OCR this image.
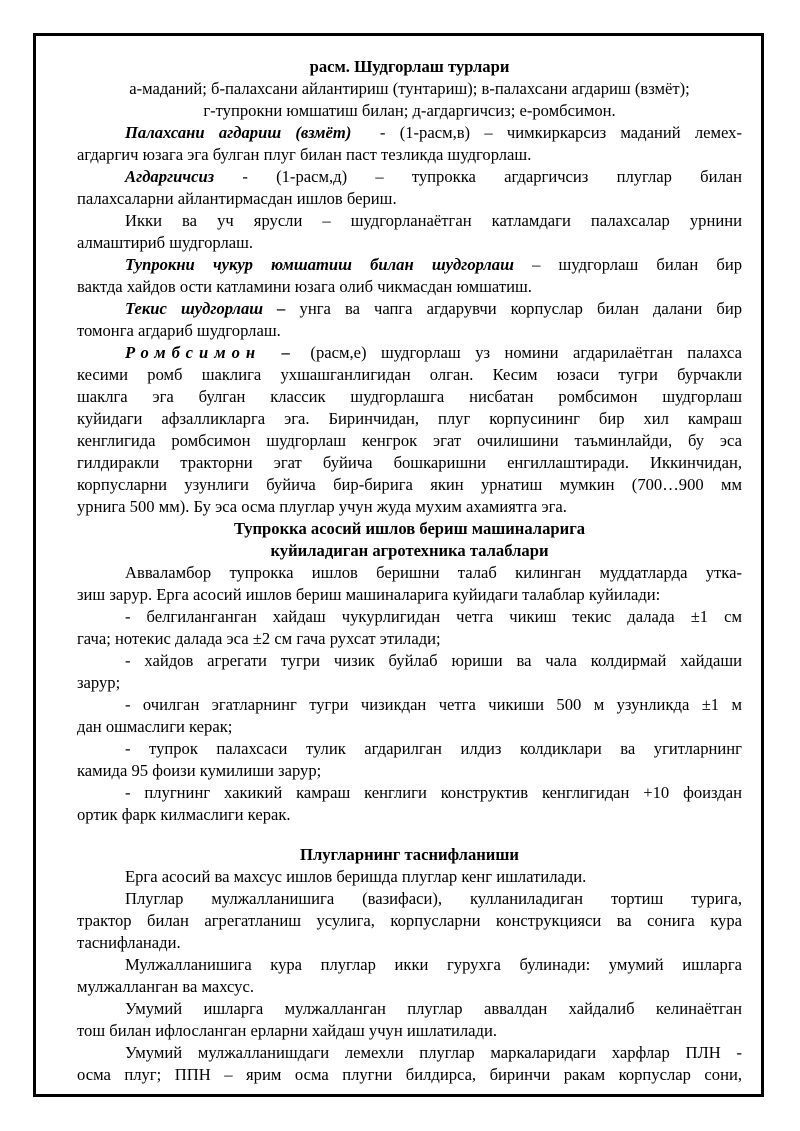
расм. Шудгорлаш турлари

а-маданий; б-палахсани айлантириш (тунтариш); в-палахсани агдариш (взмёт);

г-тупрокни юмшатиш билан; д-агдаргичсиз; е-ромбсимон.

Палахсани агдариш (взмёт) - (1-расм,в) – чимкиркарсиз маданий лемех-

агдаргич юзага эга булган плуг билан паст тезликда шудгорлаш.

Агдаргичсиз - (1-расм,д) – тупрокка агдаргичсиз плуглар билан

палахсаларни айлантирмасдан ишлов бериш.

Икки ва уч ярусли – шудгорланаётган катламдаги палахсалар урнини

алмаштириб шудгорлаш.

Тупрокни чукур юмшатиш билан шудгорлаш – шудгорлаш билан бир

вактда хайдов ости катламини юзага олиб чикмасдан юмшатиш.

Текис шудгорлаш – унга ва чапга агдарувчи корпуслар билан далани бир

томонга агдариб шудгорлаш.

Ромбсимон – (расм,е) шудгорлаш уз номини агдарилаётган палахса

кесими ромб шаклига ухшашганлигидан олган. Кесим юзаси тугри бурчакли

шаклга эга булган классик шудгорлашга нисбатан ромбсимон шудгорлаш

куйидаги афзалликларга эга. Биринчидан, плуг корпусининг бир хил камраш

кенглигида ромбсимон шудгорлаш кенгрок эгат очилишини таъминлайди, бу эса

гилдиракли тракторни эгат буйича бошкаришни енгиллаштиради. Иккинчидан,

корпусларни узунлиги буйича бир-бирига якин урнатиш мумкин (700…900 мм

урнига 500 мм). Бу эса осма плуглар учун жуда мухим ахамиятга эга.

Тупрокка асосий ишлов бериш машиналарига

куйиладиган агротехника талаблари

Авваламбор тупрокка ишлов беришни талаб килинган муддатларда утка-

зиш зарур. Ерга асосий ишлов бериш машиналарига куйидаги талаблар куйилади:

- белгиланганган хайдаш чукурлигидан четга чикиш текис далада ±1 см

гача; нотекис далада эса ±2 см гача рухсат этилади;

- хайдов агрегати тугри чизик буйлаб юриши ва чала колдирмай хайдаши

зарур;

- очилган эгатларнинг тугри чизикдан четга чикиши 500 м узунликда ±1 м

дан ошмаслиги керак;

- тупрок палахсаси тулик агдарилган илдиз колдиклари ва угитларнинг

камида 95 фоизи кумилиши зарур;

- плугнинг хакикий камраш кенглиги конструктив кенглигидан +10 фоиздан

ортик фарк килмаслиги керак.

Плугларнинг таснифланиши

Ерга асосий ва махсус ишлов беришда плуглар кенг ишлатилади.

Плуглар мулжалланишига (вазифаси), кулланиладиган тортиш турига,

трактор билан агрегатланиш усулига, корпусларни конструкцияси ва сонига кура

таснифланади.

Мулжалланишига кура плуглар икки гурухга булинади: умумий ишларга

мулжалланган ва махсус.

Умумий ишларга мулжалланган плуглар аввалдан хайдалиб келинаётган

тош билан ифлосланган ерларни хайдаш учун ишлатилади.

Умумий мулжалланишдаги лемехли плуглар маркаларидаги харфлар ПЛН -

осма плуг; ППН – ярим осма плугни билдирса, биринчи ракам корпуслар сони,
